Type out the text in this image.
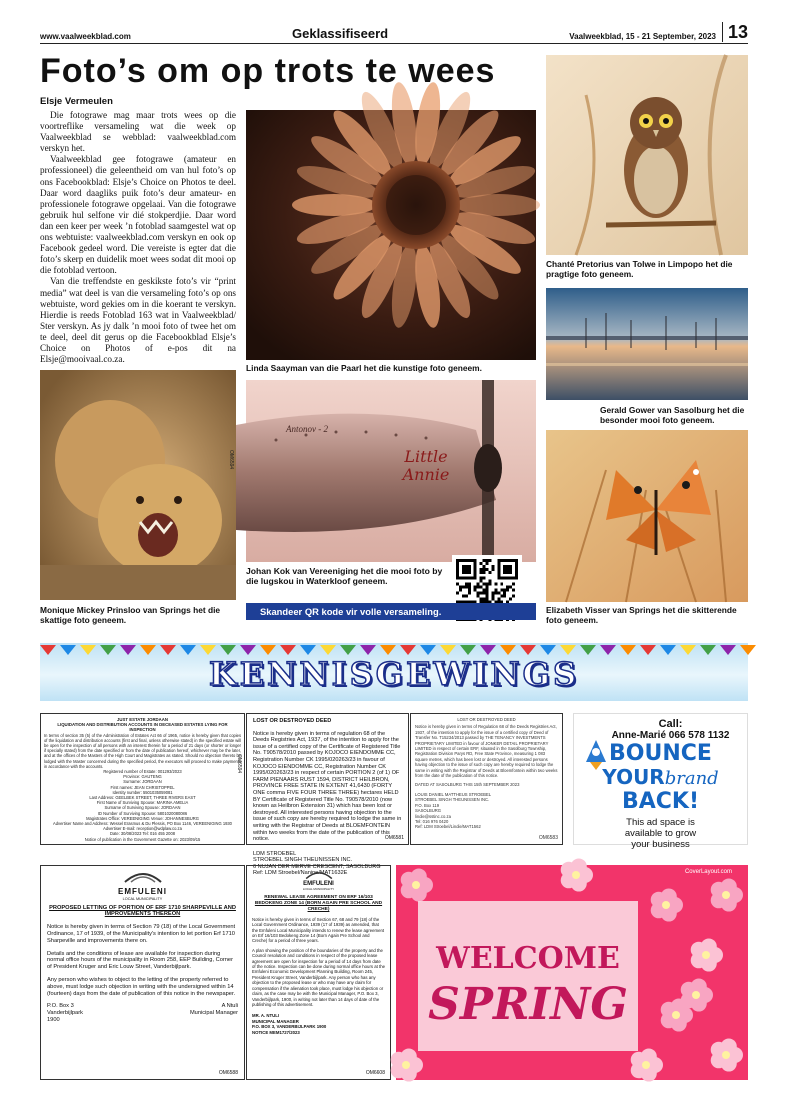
www.vaalweekblad.com	Geklassifiseerd	Vaalweekblad, 15 - 21 September, 2023 13
Foto’s om op trots te wees
Elsje Vermeulen

Die fotograwe mag maar trots wees op die voortreflike versameling wat die week op Vaalweekblad se webblad: vaalweekblad.com verskyn het.

Vaalweekblad gee fotograwe (amateur en professioneel) die geleentheid om van hul foto’s op ons Facebookblad: Elsje’s Choice on Photos te deel. Daar word daagliks puik foto’s deur amateur- en professionele fotograwe opgelaai. Van die fotograwe gebruik hul selfone vir dié stokperdjie. Daar word dan een keer per week ’n fotoblad saamgestel wat op ons webtuiste: vaalweekblad.com verskyn en ook op Facebook gedeel word. Die vereiste is egter dat die foto’s skerp en duidelik moet wees sodat dit mooi op die fotoblad vertoon.

Van die treffendste en geskikste foto’s vir “print media” wat deel is van die versameling foto’s op ons webtuiste, word gekies om in die koerant te verskyn. Hierdie is reeds Fotoblad 163 wat in Vaalweekblad/ Ster verskyn. As jy dalk ’n mooi foto of twee het om te deel, deel dit gerus op die Facebookblad Elsje’s Choice on Photos of e-pos dit na Elsje@mooivaal.co.za.

Linda Saayman van die Paarl het die kunstige foto geneem.
Chanté Pretorius van Tolwe in Limpopo het die pragtige foto geneem.
Gerald Gower van Sasolburg het die besonder mooi foto geneem.
OM6594
Monique Mickey Prinsloo van Springs het die skattige foto geneem.
Antonov - 2
Little Annie
Johan Kok van Vereeniging het die mooi foto by die lugskou in Waterkloof geneem.
Skandeer QR kode vir volle versameling.	Elizabeth Visser van Springs het die skitterende foto geneem.
KENNISGEWINGS
JUST ESTATE JORDAAN
LIQUIDATION AND DISTRIBUTION ACCOUNTS IN DECEASED ESTATES LYING FOR INSPECTION
In terms of section 35 (5) of the Administration of Estates Act 66 of 1965, notice is hereby given that copies of the liquidation and distribution accounts (first and final, unless otherwise stated) in the specified estate will be open for the inspection of all persons with an interest therein for a period of 21 days (or shorter or longer if specially stated) from the date specified or from the date of publication hereof, whichever may be the later, and at the offices of the Masters of the High Court and Magistrates as stated. Should no objection thereto be lodged with the Master concerned during the specified period, the executors will proceed to make payments in accordance with the accounts.
Registered number of Estate: 001293/2023
Province: GAUTENG
Surname: JORDAAN
First names: JEAN CHRISTOPPEL
Identity number: 5501035059081
Last Address: GEELBEK STREET, THREE RIVERS EAST
First Name of Surviving Spouse: MARINA AMELIA
Surname of Surviving Spouse: JORDAAN
ID Number of Surviving Spouse: 5801020080086
Magistrates Office: VEREENIGING Venue: JOHANNESBURG
Advertiser Name and Address: Wessel Erasmus & Du Plessis, PO Box 1146, VEREENIGING 1930
Advertiser E-mail: reception@wdplaw.co.za
Date: 30/08/2023 Tel: 016 455 2008
Notice of publication in the Government Gazette on: 2023/09/15
OM6594
LOST OR DESTROYED DEED
Notice is hereby given in terms of regulation 68 of the Deeds Registries Act, 1937, of the intention to apply for the issue of a certified copy of the Certificate of Registered Title No. T90578/2010 passed by KOJOCO EIENDOMME CC, Registration Number CK 1995/020263/23 in favour of KOJOCO EIENDOMME CC, Registration Number CK 1995/020263/23 in respect of certain PORTION 2 (of 1) OF FARM PIENAARS RUST 1594, DISTRICT HEILBRON, PROVINCE FREE STATE IN EXTENT 41,6430 (FORTY ONE comma FIVE FOUR THREE THREE) hectares HELD BY Certificate of Registered Title No. T90578/2010 (now known as Heilbron Extension 31) which has been lost or destroyed. All interested persons having objection to the issue of such copy are hereby required to lodge the same in writing with the Registrar of Deeds at BLOEMFONTEIN within two weeks from the date of the publication of this notice.
LDM STROEBEL
STROEBEL SINGH THEUNISSEN INC.
6 NUJAN DER MERVE CRESCENT, SASOLBURG
Ref: LDM Stroebel/Nanine/MAT1632E
OM6581
LOST OR DESTROYED DEED
Notice is hereby given in terms of Regulation 68 of the Deeds Registries Act, 1937, of the intention to apply for the issue of a certified copy of Deed of Transfer No. T15234/2013 passed by THE TENANCY INVESTMENTS PROPRIETARY LIMITED in favour of JONKER DETAIL PROPRIETARY LIMITED in respect of certain ERF, situated in the Sasolburg Township, Registration Division Parys RD, Free State Province, measuring 1 083 square metres, which has been lost or destroyed. All interested persons having objection to the issue of such copy are hereby required to lodge the same in writing with the Registrar of Deeds at Bloemfontein within two weeks from the date of the publication of this notice.
DATED AT SASOLBURG THIS 15th SEPTEMBER 2023
LOUIS DANIEL MATTHEUS STROEBEL
STROEBEL SINGH THEUNISSEN INC.
P.O. Box 119
SASOLBURG
lindie@sstinc.co.za
Tel: 016 976 0420
Ref: LDM Stroebel/Lindie/MAT1562
OM6583
Call:
Anne-Marié 066 578 1132
BOUNCE
YOURbrand
BACK!
This ad space is
available to grow
your business
EMFULENI
LOCAL MUNICIPALITY
PROPOSED LETTING OF PORTION OF ERF 1710 SHARPEVILLE AND IMPROVEMENTS THEREON
Notice is hereby given in terms of Section 79 (18) of the Local Government Ordinance, 17 of 1939, of the Municipality's intention to let portion Erf 1710 Sharpeville and improvements there on.
Details and the conditions of lease are available for inspection during normal office hours of the municipality in Room 258, EEP Building, Corner of President Kruger and Eric Louw Street, Vanderbijlpark.
Any person who wishes to object to the letting of the property referred to above, must lodge such objection in writing with the undersigned within 14 (fourteen) days from the date of publication of this notice in the newspaper.
P.O. Box 3
Vanderbijlpark
1900
A Ntuli
Municipal Manager
OM6588
EMFULENI
LOCAL MUNICIPALITY
RENEWAL LEASE AGREEMENT ON ERF 16/103 BEDOKENG ZONE 14 (BORN AGAIN PRE SCHOOL AND CRECHE)
Notice is hereby given in terms of Section 67, 68 and 79 (18) of the Local Government Ordinance, 1939 (17 of 1939) as amended, that the Emfuleni Local Municipality intends to renew the lease agreement on Erf 16/103 Bedokeng Zone 14 (Born Again Pre School and Creche) for a period of three years.
A plan showing the position of the boundaries of the property and the Council resolution and conditions in respect of the proposed lease agreement are open for inspection for a period of 14 days from date of the notice. Inspection can be done during normal office hours at the Emfuleni Economic Development Planning Building, Room 245, President Kruger Street, Vanderbijlpark. Any person who has any objection to the proposed lease or who may have any claim for compensation if the alienation took place, must lodge his objection or claim, as the case may be with the Municipal Manager, P.O. Box 3, Vanderbijlpark, 1900, in writing not later than 14 days of date of the publishing of this advertisement.
MR. A. NTULI
MUNICIPAL MANAGER
P.O. BOX 3, VANDERBIJLPARK 1900
NOTICE MEM1727/2023
OM6608
CoverLayout.com
WELCOME
SPRING
